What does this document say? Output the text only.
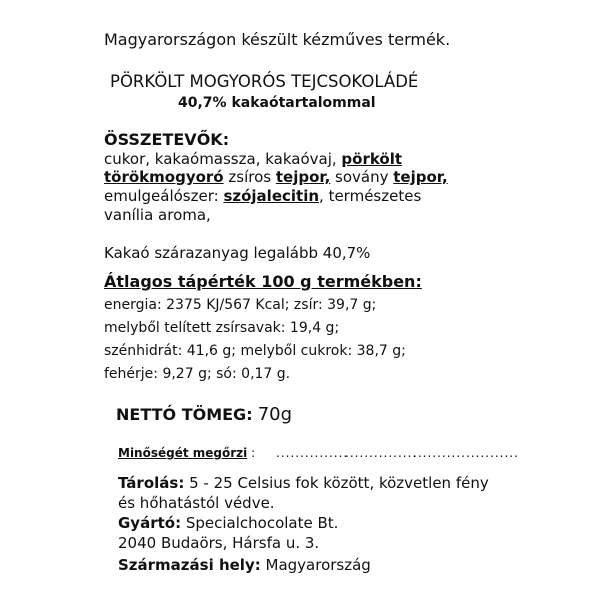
Magyarországon készült kézműves termék.
PÖRKÖLT MOGYORÓS TEJCSOKOLÁDÉ
40,7% kakaótartalommal
ÖSSZETEVŐK:
cukor, kakaómassza, kakaóvaj, pörkölt
törökmogyoró zsíros tejpor, sovány tejpor,
emulgeálószer: szójalecitin, természetes
vanília aroma,
Kakaó szárazanyag legalább 40,7%
Átlagos tápérték 100 g termékben:
energia: 2375 KJ/567 Kcal; zsír: 39,7 g;
melyből telített zsírsavak: 19,4 g;
szénhidrát: 41,6 g; melyből cukrok: 38,7 g;
fehérje: 9,27 g; só: 0,17 g.
NETTÓ TÖMEG: 70g
Minőségét megőrzi : ...............
...............
......................
Tárolás: 5 - 25 Celsius fok között, közvetlen fény
és hőhatástól védve.
Gyártó: Specialchocolate Bt.
2040 Budaörs, Hársfa u. 3.
Származási hely: Magyarország
